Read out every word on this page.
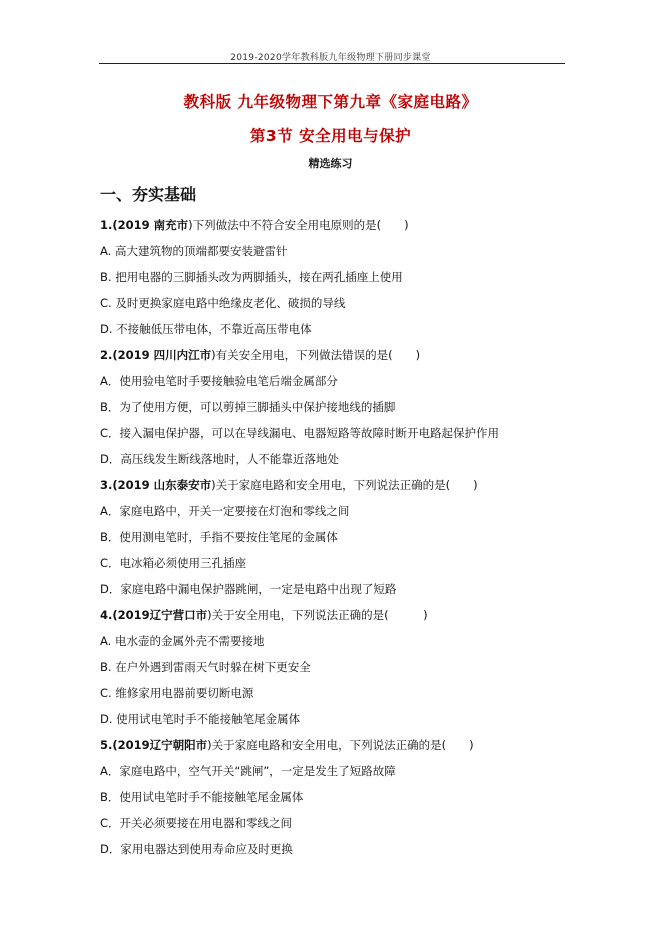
2019-2020学年教科版九年级物理下册同步课堂
教科版 九年级物理下第九章《家庭电路》
第3节 安全用电与保护
精选练习
一、夯实基础
1.(2019 南充市)下列做法中不符合安全用电原则的是(　　)
A. 高大建筑物的顶端都要安装避雷针
B. 把用电器的三脚插头改为两脚插头，接在两孔插座上使用
C. 及时更换家庭电路中绝缘皮老化、破损的导线
D. 不接触低压带电体，不靠近高压带电体
2.(2019 四川内江市)有关安全用电，下列做法错误的是(　　)
A．使用验电笔时手要接触验电笔后端金属部分
B．为了使用方便，可以剪掉三脚插头中保护接地线的插脚
C．接入漏电保护器，可以在导线漏电、电器短路等故障时断开电路起保护作用
D．高压线发生断线落地时，人不能靠近落地处
3.(2019 山东泰安市)关于家庭电路和安全用电，下列说法正确的是(　　)
A．家庭电路中，开关一定要接在灯泡和零线之间
B．使用测电笔时，手指不要按住笔尾的金属体
C．电冰箱必须使用三孔插座
D．家庭电路中漏电保护器跳闸，一定是电路中出现了短路
4.(2019辽宁营口市)关于安全用电，下列说法正确的是(　　　)
A. 电水壶的金属外壳不需要接地
B. 在户外遇到雷雨天气时躲在树下更安全
C. 维修家用电器前要切断电源
D. 使用试电笔时手不能接触笔尾金属体
5.(2019辽宁朝阳市)关于家庭电路和安全用电，下列说法正确的是(　　)
A．家庭电路中，空气开关“跳闸”，一定是发生了短路故障
B．使用试电笔时手不能接触笔尾金属体
C．开关必须要接在用电器和零线之间
D．家用电器达到使用寿命应及时更换
